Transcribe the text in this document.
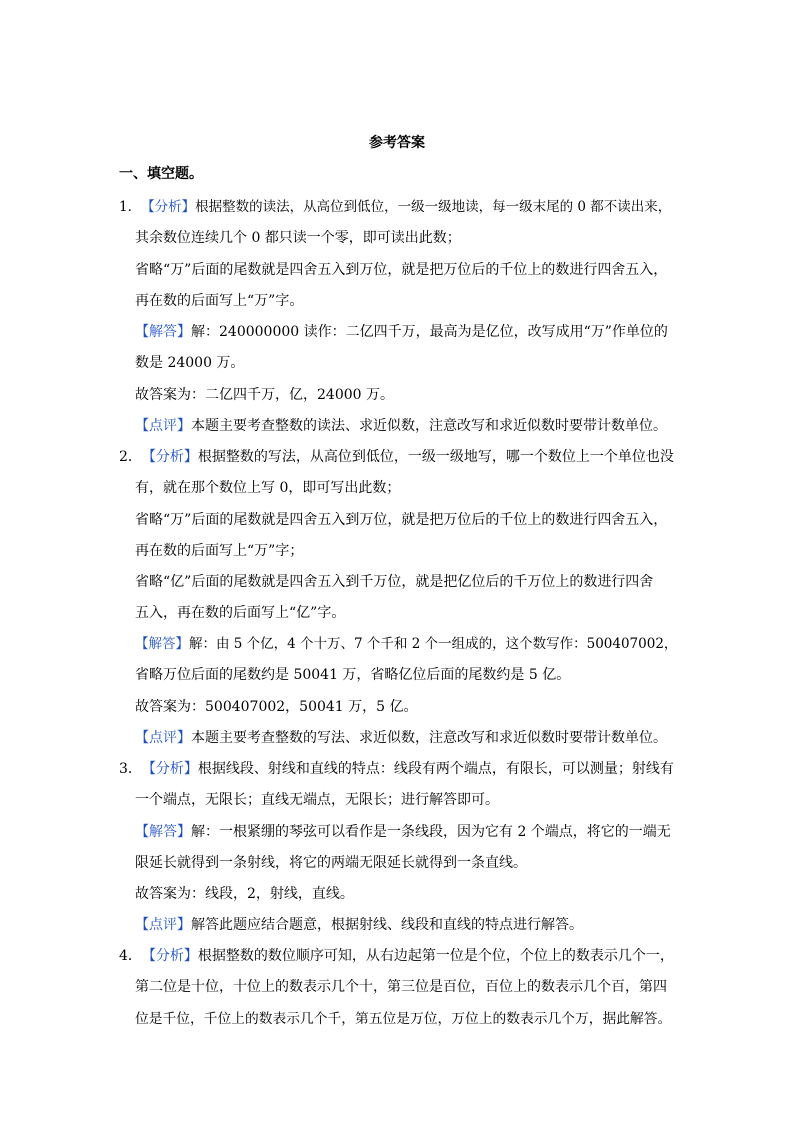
参考答案
一、填空题。
1．【分析】根据整数的读法，从高位到低位，一级一级地读，每一级末尾的 0 都不读出来，
其余数位连续几个 0 都只读一个零，即可读出此数；
省略“万”后面的尾数就是四舍五入到万位，就是把万位后的千位上的数进行四舍五入，
再在数的后面写上“万”字。
【解答】解：240000000 读作：二亿四千万，最高为是亿位，改写成用“万”作单位的
数是 24000 万。
故答案为：二亿四千万，亿，24000 万。
【点评】本题主要考查整数的读法、求近似数，注意改写和求近似数时要带计数单位。
2．【分析】根据整数的写法，从高位到低位，一级一级地写，哪一个数位上一个单位也没
有，就在那个数位上写 0，即可写出此数；
省略“万”后面的尾数就是四舍五入到万位，就是把万位后的千位上的数进行四舍五入，
再在数的后面写上“万”字；
省略“亿”后面的尾数就是四舍五入到千万位，就是把亿位后的千万位上的数进行四舍
五入，再在数的后面写上“亿”字。
【解答】解：由 5 个亿，4 个十万、7 个千和 2 个一组成的，这个数写作：500407002，
省略万位后面的尾数约是 50041 万，省略亿位后面的尾数约是 5 亿。
故答案为：500407002，50041 万，5 亿。
【点评】本题主要考查整数的写法、求近似数，注意改写和求近似数时要带计数单位。
3．【分析】根据线段、射线和直线的特点：线段有两个端点，有限长，可以测量；射线有
一个端点，无限长；直线无端点，无限长；进行解答即可。
【解答】解：一根紧绷的琴弦可以看作是一条线段，因为它有 2 个端点，将它的一端无
限延长就得到一条射线，将它的两端无限延长就得到一条直线。
故答案为：线段，2，射线，直线。
【点评】解答此题应结合题意，根据射线、线段和直线的特点进行解答。
4．【分析】根据整数的数位顺序可知，从右边起第一位是个位，个位上的数表示几个一，
第二位是十位，十位上的数表示几个十，第三位是百位，百位上的数表示几个百，第四
位是千位，千位上的数表示几个千，第五位是万位，万位上的数表示几个万，据此解答。
